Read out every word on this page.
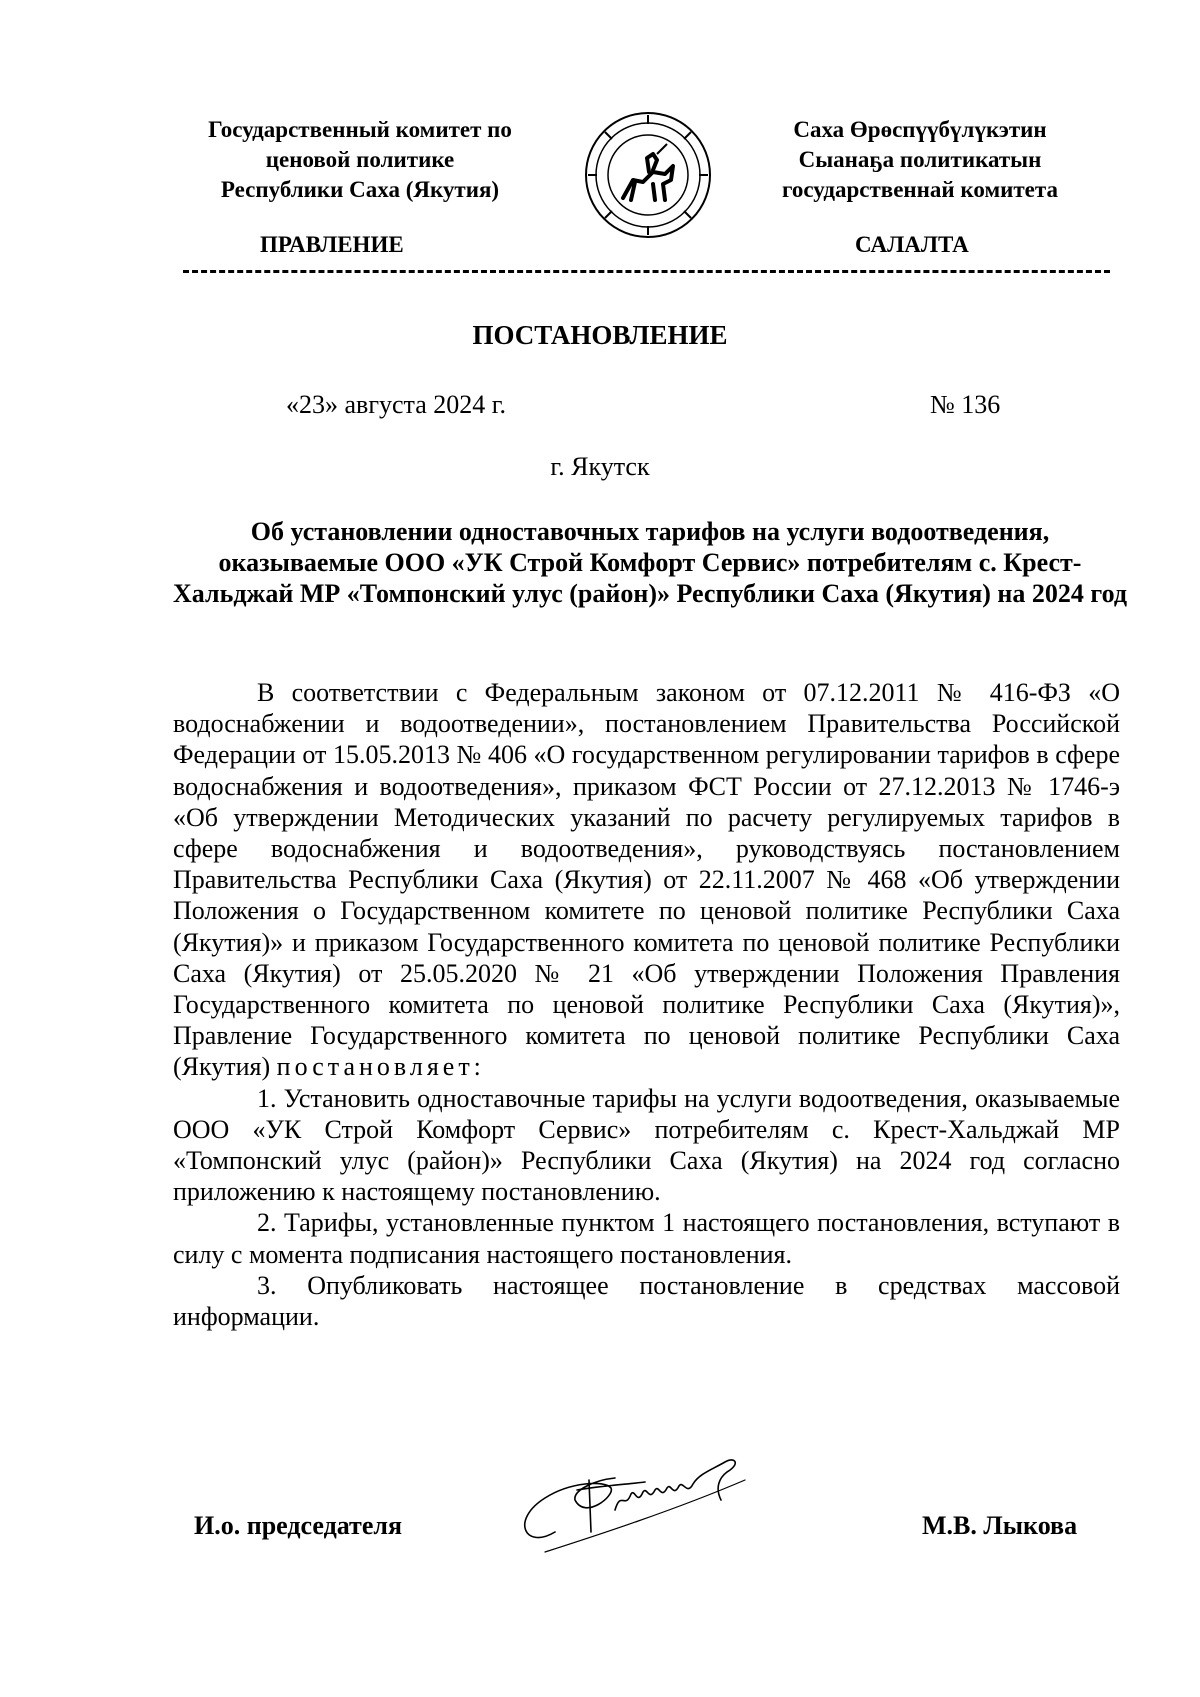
Государственный комитет по
ценовой политике
Республики Саха (Якутия)
Саха Өрөспүүбүлүкэтин
Сыанаҕа политикатын
государственнай комитета
ПРАВЛЕНИЕ	САЛАЛТА
ПОСТАНОВЛЕНИЕ
«23» августа 2024 г.	№ 136
г. Якутск
Об установлении одноставочных тарифов на услуги водоотведения, оказываемые ООО «УК Строй Комфорт Сервис» потребителям с. Крест-Хальджай МР «Томпонский улус (район)» Республики Саха (Якутия) на 2024 год

В соответствии с Федеральным законом от 07.12.2011 № 416-ФЗ «О водоснабжении и водоотведении», постановлением Правительства Российской Федерации от 15.05.2013 № 406 «О государственном регулировании тарифов в сфере водоснабжения и водоотведения», приказом ФСТ России от 27.12.2013 № 1746-э «Об утверждении Методических указаний по расчету регулируемых тарифов в сфере водоснабжения и водоотведения», руководствуясь постановлением Правительства Республики Саха (Якутия) от 22.11.2007 № 468 «Об утверждении Положения о Государственном комитете по ценовой политике Республики Саха (Якутия)» и приказом Государственного комитета по ценовой политике Республики Саха (Якутия) от 25.05.2020 № 21 «Об утверждении Положения Правления Государственного комитета по ценовой политике Республики Саха (Якутия)», Правление Государственного комитета по ценовой политике Республики Саха (Якутия) постановляет:

1. Установить одноставочные тарифы на услуги водоотведения, оказываемые ООО «УК Строй Комфорт Сервис» потребителям с. Крест-Хальджай МР «Томпонский улус (район)» Республики Саха (Якутия) на 2024 год согласно приложению к настоящему постановлению.

2. Тарифы, установленные пунктом 1 настоящего постановления, вступают в силу с момента подписания настоящего постановления.

3. Опубликовать настоящее постановление в средствах массовой информации.

И.о. председателя	М.В. Лыкова
